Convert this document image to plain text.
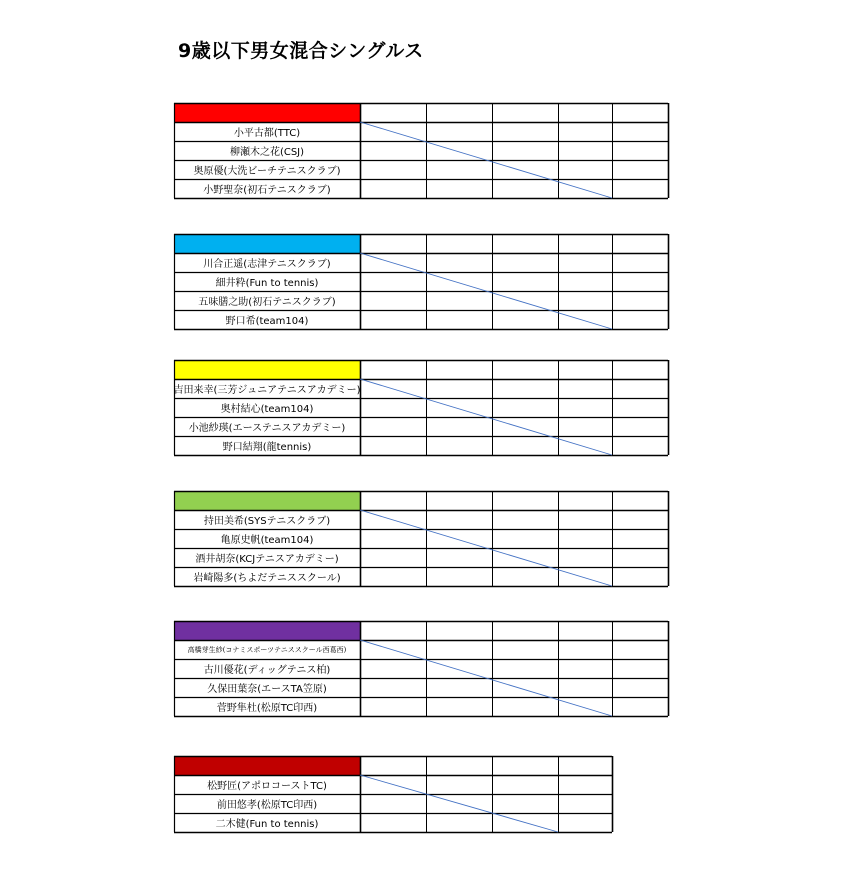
9歳以下男女混合シングルス
小平古都(TTC)
柳瀬木之花(CSJ)
奥原優(大洗ビーチテニスクラブ)
小野聖奈(初石テニスクラブ)
川合正遥(志津テニスクラブ)
細井粋(Fun to tennis)
五味膳之助(初石テニスクラブ)
野口希(team104)
吉田来幸(三芳ジュニアテニスアカデミー)
奥村結心(team104)
小池紗瑛(エーステニスアカデミー)
野口結翔(龍tennis)
持田美希(SYSテニスクラブ)
亀原史帆(team104)
酒井胡奈(KCJテニスアカデミー)
岩崎陽多(ちよだテニススクール)
高橋芽生紗(コナミスポーツテニススクール西葛西)
古川優花(ディッグテニス柏)
久保田葉奈(エースTA笠原)
菅野隼杜(松原TC印西)
松野匠(アポロコーストTC)
前田悠孝(松原TC印西)
二木健(Fun to tennis)
